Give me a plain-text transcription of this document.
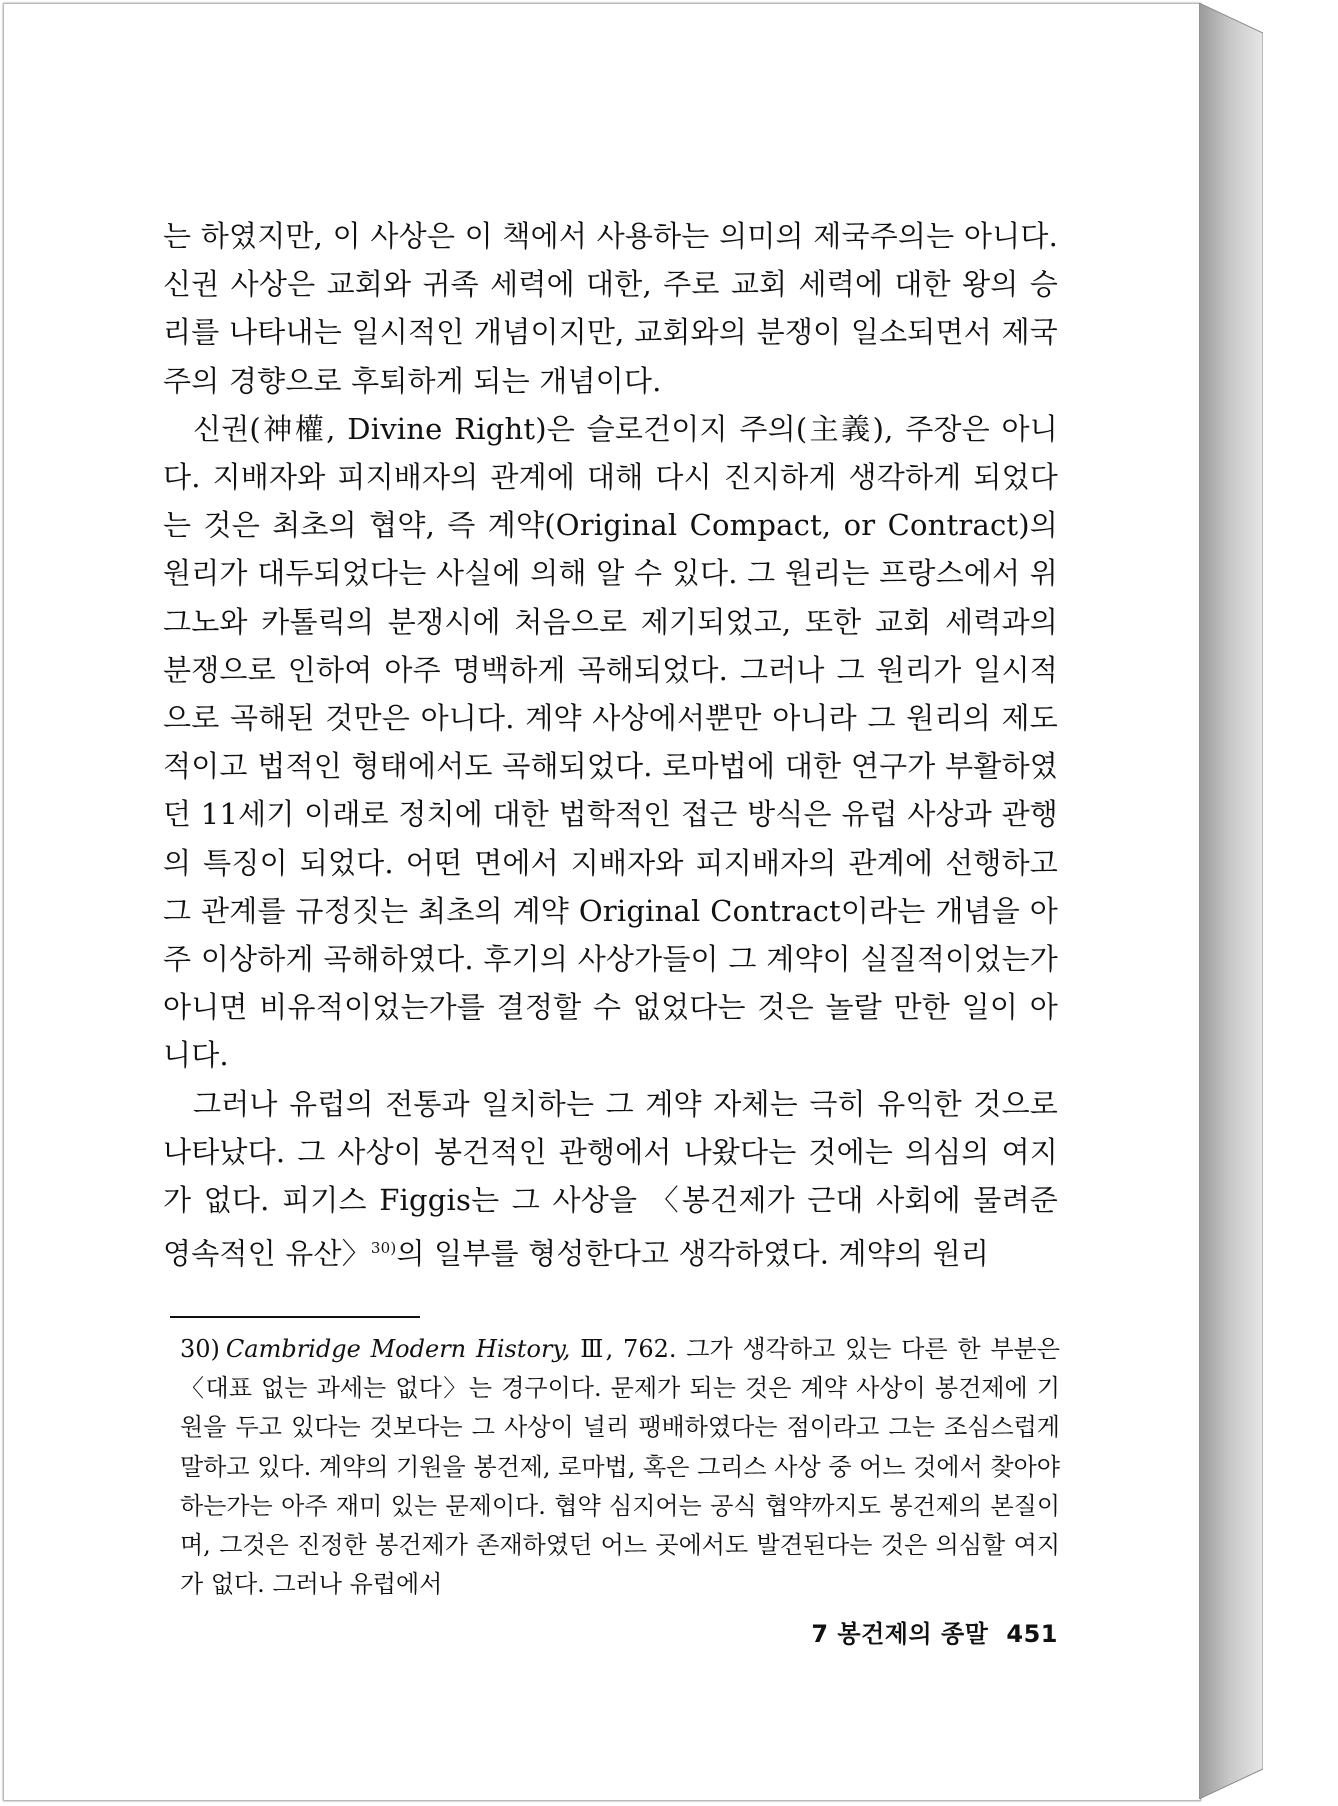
는 하였지만, 이 사상은 이 책에서 사용하는 의미의 제국주의는 아니다. 신권 사상은 교회와 귀족 세력에 대한, 주로 교회 세력에 대한 왕의 승리를 나타내는 일시적인 개념이지만, 교회와의 분쟁이 일소되면서 제국주의 경향으로 후퇴하게 되는 개념이다.

신권(神權, Divine Right)은 슬로건이지 주의(主義), 주장은 아니다. 지배자와 피지배자의 관계에 대해 다시 진지하게 생각하게 되었다는 것은 최초의 협약, 즉 계약(Original Compact, or Contract)의 원리가 대두되었다는 사실에 의해 알 수 있다. 그 원리는 프랑스에서 위그노와 카톨릭의 분쟁시에 처음으로 제기되었고, 또한 교회 세력과의 분쟁으로 인하여 아주 명백하게 곡해되었다. 그러나 그 원리가 일시적으로 곡해된 것만은 아니다. 계약 사상에서뿐만 아니라 그 원리의 제도적이고 법적인 형태에서도 곡해되었다. 로마법에 대한 연구가 부활하였던 11세기 이래로 정치에 대한 법학적인 접근 방식은 유럽 사상과 관행의 특징이 되었다. 어떤 면에서 지배자와 피지배자의 관계에 선행하고 그 관계를 규정짓는 최초의 계약 Original Contract이라는 개념을 아주 이상하게 곡해하였다. 후기의 사상가들이 그 계약이 실질적이었는가 아니면 비유적이었는가를 결정할 수 없었다는 것은 놀랄 만한 일이 아니다.

그러나 유럽의 전통과 일치하는 그 계약 자체는 극히 유익한 것으로 나타났다. 그 사상이 봉건적인 관행에서 나왔다는 것에는 의심의 여지가 없다. 피기스 Figgis는 그 사상을 〈봉건제가 근대 사회에 물려준 영속적인 유산〉$^{30)}$의 일부를 형성한다고 생각하였다. 계약의 원리

30) Cambridge Modern History, Ⅲ, 762. 그가 생각하고 있는 다른 한 부분은 〈대표 없는 과세는 없다〉는 경구이다. 문제가 되는 것은 계약 사상이 봉건제에 기원을 두고 있다는 것보다는 그 사상이 널리 팽배하였다는 점이라고 그는 조심스럽게 말하고 있다. 계약의 기원을 봉건제, 로마법, 혹은 그리스 사상 중 어느 것에서 찾아야 하는가는 아주 재미 있는 문제이다. 협약 심지어는 공식 협약까지도 봉건제의 본질이며, 그것은 진정한 봉건제가 존재하였던 어느 곳에서도 발견된다는 것은 의심할 여지가 없다. 그러나 유럽에서
7 봉건제의 종말 451
